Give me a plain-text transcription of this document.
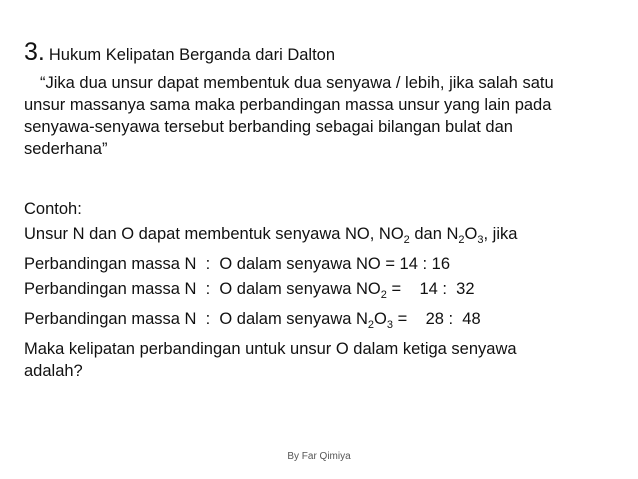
3. Hukum Kelipatan Berganda dari Dalton
“Jika dua unsur dapat membentuk dua senyawa / lebih, jika salah satu
unsur massanya sama maka perbandingan massa unsur yang lain pada
senyawa-senyawa tersebut berbanding sebagai bilangan bulat dan
sederhana”
Contoh:
Unsur N dan O dapat membentuk senyawa NO, $NO_2$ dan $N_2O_3$, jika
Perbandingan massa N  :  O dalam senyawa NO = 14 : 16
Perbandingan massa N  :  O dalam senyawa $NO_2$ =    14 :  32
Perbandingan massa N  :  O dalam senyawa $N_2O_3$ =    28 :  48
Maka kelipatan perbandingan untuk unsur O dalam ketiga senyawa
adalah?
By Far Qimiya
